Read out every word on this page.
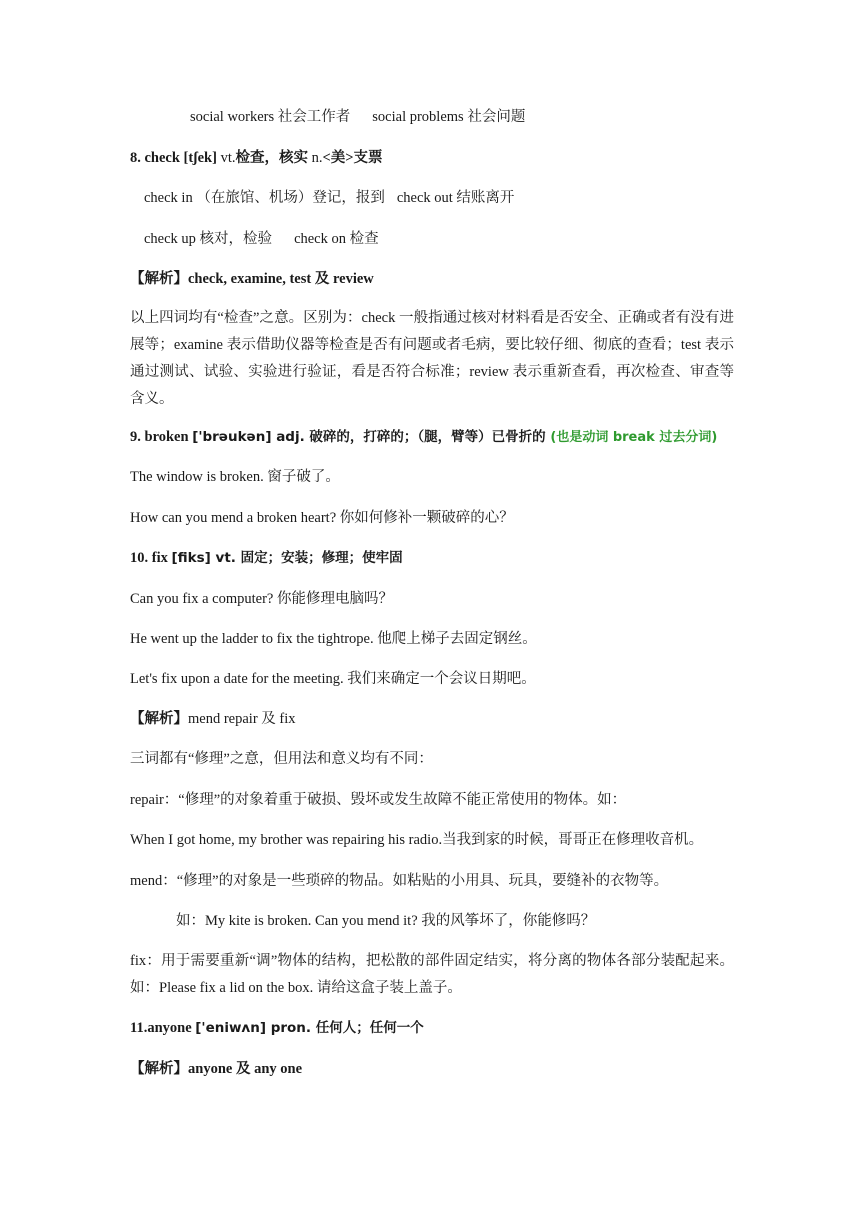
social workers 社会工作者 social problems 社会问题
8. check [tʃek] vt.检查，核实 n.<美>支票
check in （在旅馆、机场）登记，报到 check out 结账离开
check up 核对，检验 check on 检查
【解析】check, examine, test 及 review
以上四词均有“检查”之意。区别为：check 一般指通过核对材料看是否安全、正确或者有没有进展等；examine 表示借助仪器等检查是否有问题或者毛病，要比较仔细、彻底的查看；test 表示通过测试、试验、实验进行验证，看是否符合标准；review 表示重新查看，再次检查、审查等含义。
9. broken ['brəukən] adj. 破碎的，打碎的；（腿，臂等）已骨折的 (也是动词 break 过去分词)
The window is broken. 窗子破了。
How can you mend a broken heart? 你如何修补一颗破碎的心？
10. fix [fiks] vt. 固定；安装；修理；使牢固
Can you fix a computer? 你能修理电脑吗？
He went up the ladder to fix the tightrope. 他爬上梯子去固定钢丝。
Let's fix upon a date for the meeting. 我们来确定一个会议日期吧。
【解析】mend repair 及 fix
三词都有“修理”之意，但用法和意义均有不同：
repair：“修理”的对象着重于破损、毁坏或发生故障不能正常使用的物体。如：
When I got home, my brother was repairing his radio.当我到家的时候，哥哥正在修理收音机。
mend：“修理”的对象是一些琐碎的物品。如粘贴的小用具、玩具，要缝补的衣物等。
如：My kite is broken. Can you mend it? 我的风筝坏了，你能修吗？
fix：用于需要重新“调”物体的结构，把松散的部件固定结实，将分离的物体各部分装配起来。如：Please fix a lid on the box. 请给这盒子装上盖子。
11.anyone ['eniwʌn] pron. 任何人；任何一个
【解析】anyone 及 any one
